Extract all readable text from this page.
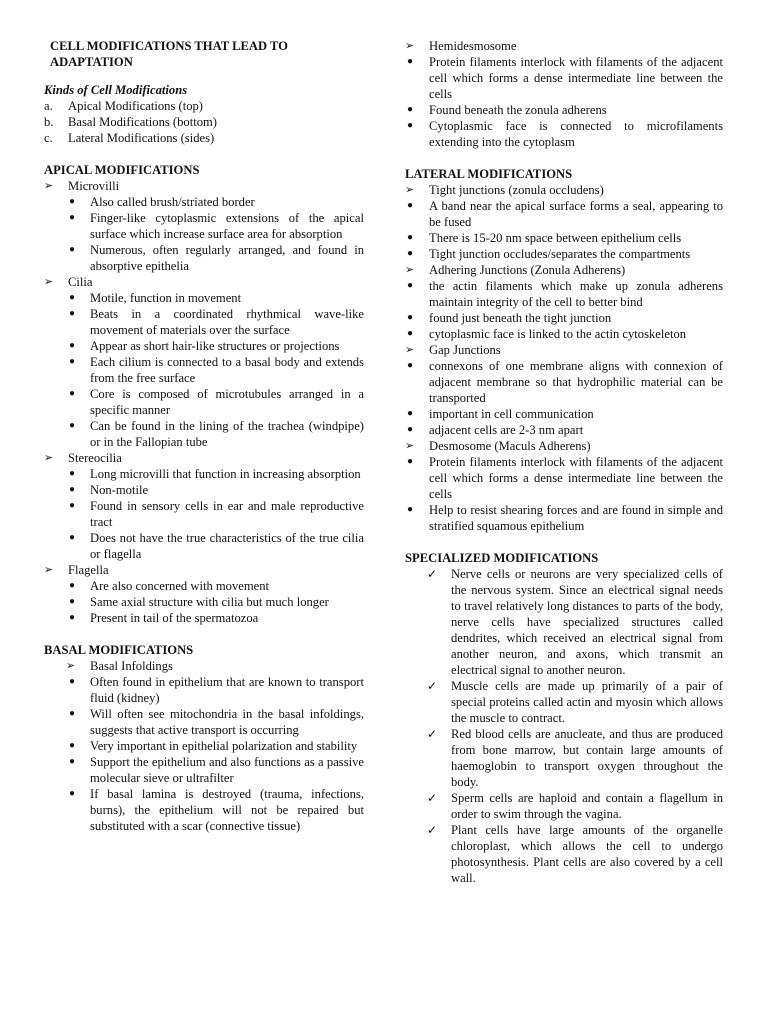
CELL MODIFICATIONS THAT LEAD TO ADAPTATION
Kinds of Cell Modifications
a. Apical Modifications (top)
b. Basal Modifications (bottom)
c. Lateral Modifications (sides)
APICAL MODIFICATIONS
➢ Microvilli
● Also called brush/striated border
● Finger-like cytoplasmic extensions of the apical surface which increase surface area for absorption
● Numerous, often regularly arranged, and found in absorptive epithelia
➢ Cilia
● Motile, function in movement
● Beats in a coordinated rhythmical wave-like movement of materials over the surface
● Appear as short hair-like structures or projections
● Each cilium is connected to a basal body and extends from the free surface
● Core is composed of microtubules arranged in a specific manner
● Can be found in the lining of the trachea (windpipe) or in the Fallopian tube
➢ Stereocilia
● Long microvilli that function in increasing absorption
● Non-motile
● Found in sensory cells in ear and male reproductive tract
● Does not have the true characteristics of the true cilia or flagella
➢ Flagella
● Are also concerned with movement
● Same axial structure with cilia but much longer
● Present in tail of the spermatozoa
BASAL MODIFICATIONS
➢ Basal Infoldings
● Often found in epithelium that are known to transport fluid (kidney)
● Will often see mitochondria in the basal infoldings, suggests that active transport is occurring
● Very important in epithelial polarization and stability
● Support the epithelium and also functions as a passive molecular sieve or ultrafilter
● If basal lamina is destroyed (trauma, infections, burns), the epithelium will not be repaired but substituted with a scar (connective tissue)
➢ Hemidesmosome
● Protein filaments interlock with filaments of the adjacent cell which forms a dense intermediate line between the cells
● Found beneath the zonula adherens
● Cytoplasmic face is connected to microfilaments extending into the cytoplasm
LATERAL MODIFICATIONS
➢ Tight junctions (zonula occludens)
● A band near the apical surface forms a seal, appearing to be fused
● There is 15-20 nm space between epithelium cells
● Tight junction occludes/separates the compartments
➢ Adhering Junctions (Zonula Adherens)
● the actin filaments which make up zonula adherens maintain integrity of the cell to better bind
● found just beneath the tight junction
● cytoplasmic face is linked to the actin cytoskeleton
➢ Gap Junctions
● connexons of one membrane aligns with connexion of adjacent membrane so that hydrophilic material can be transported
● important in cell communication
● adjacent cells are 2-3 nm apart
➢ Desmosome (Maculs Adherens)
● Protein filaments interlock with filaments of the adjacent cell which forms a dense intermediate line between the cells
● Help to resist shearing forces and are found in simple and stratified squamous epithelium
SPECIALIZED MODIFICATIONS
✓ Nerve cells or neurons are very specialized cells of the nervous system. Since an electrical signal needs to travel relatively long distances to parts of the body, nerve cells have specialized structures called dendrites, which received an electrical signal from another neuron, and axons, which transmit an electrical signal to another neuron.
✓ Muscle cells are made up primarily of a pair of special proteins called actin and myosin which allows the muscle to contract.
✓ Red blood cells are anucleate, and thus are produced from bone marrow, but contain large amounts of haemoglobin to transport oxygen throughout the body.
✓ Sperm cells are haploid and contain a flagellum in order to swim through the vagina.
✓ Plant cells have large amounts of the organelle chloroplast, which allows the cell to undergo photosynthesis. Plant cells are also covered by a cell wall.
